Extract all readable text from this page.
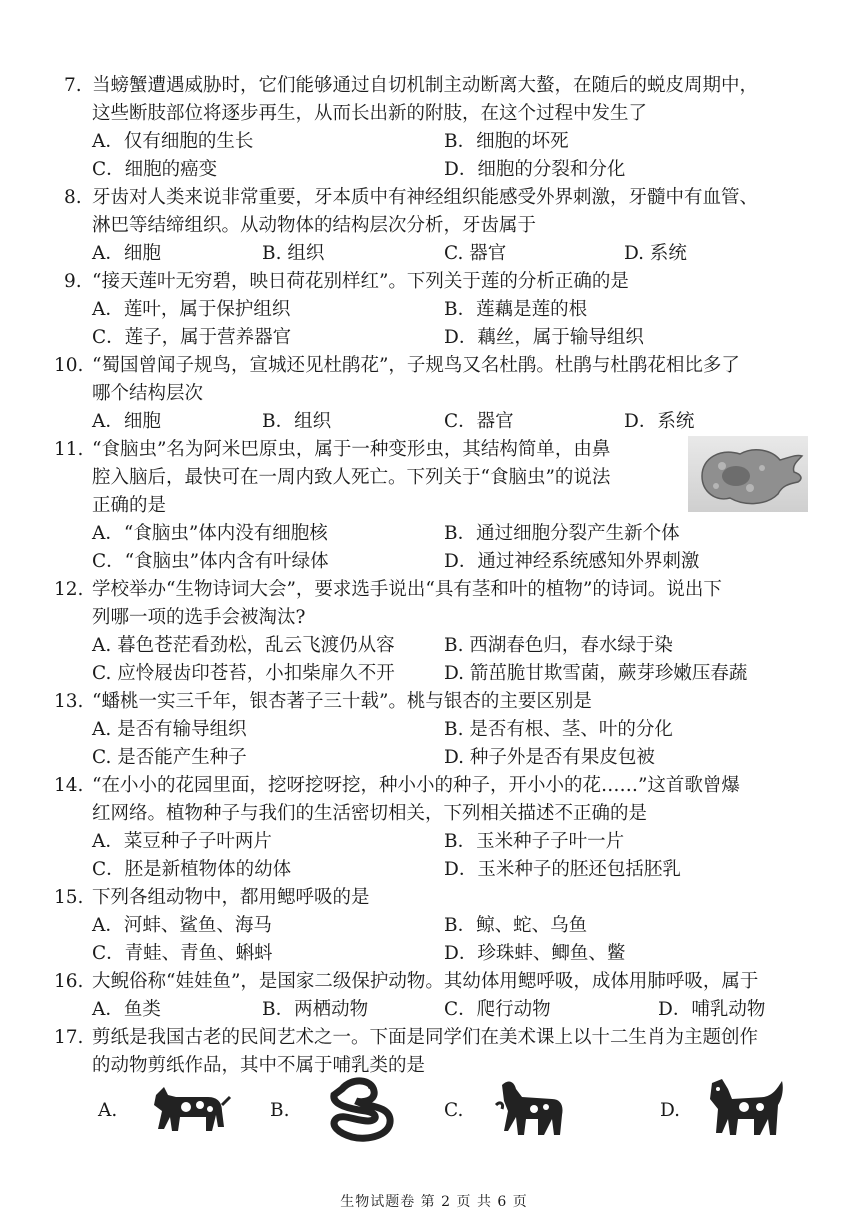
7. 当螃蟹遭遇威胁时，它们能够通过自切机制主动断离大螯，在随后的蜕皮周期中，
这些断肢部位将逐步再生，从而长出新的附肢，在这个过程中发生了
A．仅有细胞的生长	B．细胞的坏死
C．细胞的癌变	D．细胞的分裂和分化
8. 牙齿对人类来说非常重要，牙本质中有神经组织能感受外界刺激，牙髓中有血管、
淋巴等结缔组织。从动物体的结构层次分析，牙齿属于
A．细胞	B. 组织	C. 器官	D. 系统
9. “接天莲叶无穷碧，映日荷花别样红”。下列关于莲的分析正确的是
A．莲叶，属于保护组织	B．莲藕是莲的根
C．莲子，属于营养器官	D．藕丝，属于输导组织
10. “蜀国曾闻子规鸟，宣城还见杜鹃花”，子规鸟又名杜鹃。杜鹃与杜鹃花相比多了
哪个结构层次
A．细胞	B．组织	C．器官	D．系统
11. “食脑虫”名为阿米巴原虫，属于一种变形虫，其结构简单，由鼻
腔入脑后，最快可在一周内致人死亡。下列关于“食脑虫”的说法
正确的是
A．“食脑虫”体内没有细胞核	B．通过细胞分裂产生新个体
C．“食脑虫”体内含有叶绿体	D．通过神经系统感知外界刺激
12. 学校举办“生物诗词大会”，要求选手说出“具有茎和叶的植物”的诗词。说出下
列哪一项的选手会被淘汰?
A. 暮色苍茫看劲松，乱云飞渡仍从容	B. 西湖春色归，春水绿于染
C. 应怜屐齿印苍苔，小扣柴扉久不开	D. 箭茁脆甘欺雪菌，蕨芽珍嫩压春蔬
13. “蟠桃一实三千年，银杏著子三十载”。桃与银杏的主要区别是
A. 是否有输导组织	B. 是否有根、茎、叶的分化
C. 是否能产生种子	D. 种子外是否有果皮包被
14. “在小小的花园里面，挖呀挖呀挖，种小小的种子，开小小的花……”这首歌曾爆
红网络。植物种子与我们的生活密切相关，下列相关描述不正确的是
A．菜豆种子子叶两片	B．玉米种子子叶一片
C．胚是新植物体的幼体	D．玉米种子的胚还包括胚乳
15. 下列各组动物中，都用鳃呼吸的是
A．河蚌、鲨鱼、海马	B．鲸、蛇、乌鱼
C．青蛙、青鱼、蝌蚪	D．珍珠蚌、鲫鱼、鳖
16. 大鲵俗称“娃娃鱼”，是国家二级保护动物。其幼体用鳃呼吸，成体用肺呼吸，属于
A．鱼类	B．两栖动物	C．爬行动物	D．哺乳动物
17. 剪纸是我国古老的民间艺术之一。下面是同学们在美术课上以十二生肖为主题创作
的动物剪纸作品，其中不属于哺乳类的是
A.	B.	C.	D.
生物试题卷 第 2 页 共 6 页
